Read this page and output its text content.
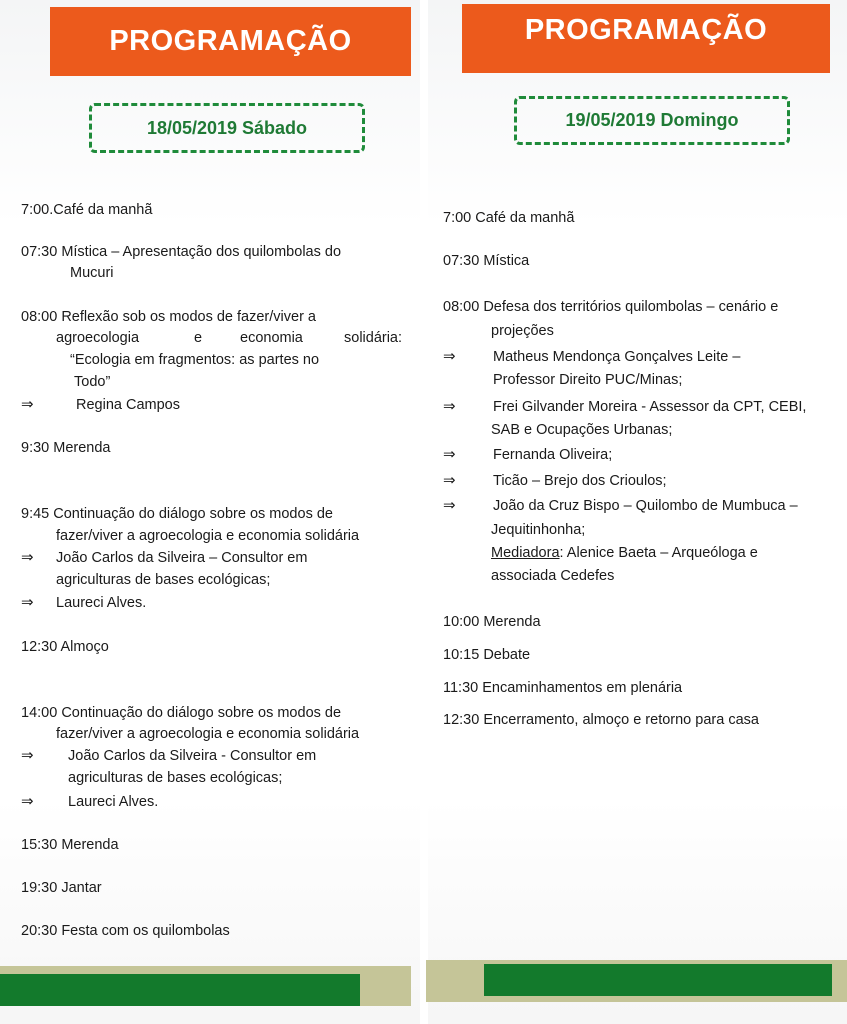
PROGRAMAÇÃO
18/05/2019 Sábado
7:00.Café da manhã
07:30 Mística – Apresentação dos quilombolas do
Mucuri
08:00 Reflexão sob os modos de fazer/viver a
agroecologia	e	economia	solidária:
“Ecologia em fragmentos: as partes no
Todo”
⇒	Regina Campos
9:30 Merenda
9:45 Continuação do diálogo sobre os modos de
fazer/viver a agroecologia e economia solidária
⇒ João Carlos da Silveira – Consultor em
agriculturas de bases ecológicas;
⇒ Laureci Alves.
12:30 Almoço
14:00 Continuação do diálogo sobre os modos de
fazer/viver a agroecologia e economia solidária
⇒ João Carlos da Silveira - Consultor em
agriculturas de bases ecológicas;
⇒ Laureci Alves.
15:30 Merenda
19:30 Jantar
20:30 Festa com os quilombolas
PROGRAMAÇÃO
19/05/2019 Domingo
7:00 Café da manhã
07:30 Mística
08:00 Defesa dos territórios quilombolas – cenário e
projeções
⇒	Matheus Mendonça Gonçalves Leite –
Professor Direito PUC/Minas;
⇒	Frei Gilvander Moreira - Assessor da CPT, CEBI,
SAB e Ocupações Urbanas;
⇒	Fernanda Oliveira;
⇒	Ticão – Brejo dos Crioulos;
⇒	João da Cruz Bispo – Quilombo de Mumbuca –
Jequitinhonha;
Mediadora: Alenice Baeta – Arqueóloga e
associada Cedefes
10:00 Merenda
10:15 Debate
11:30 Encaminhamentos em plenária
12:30 Encerramento, almoço e retorno para casa
